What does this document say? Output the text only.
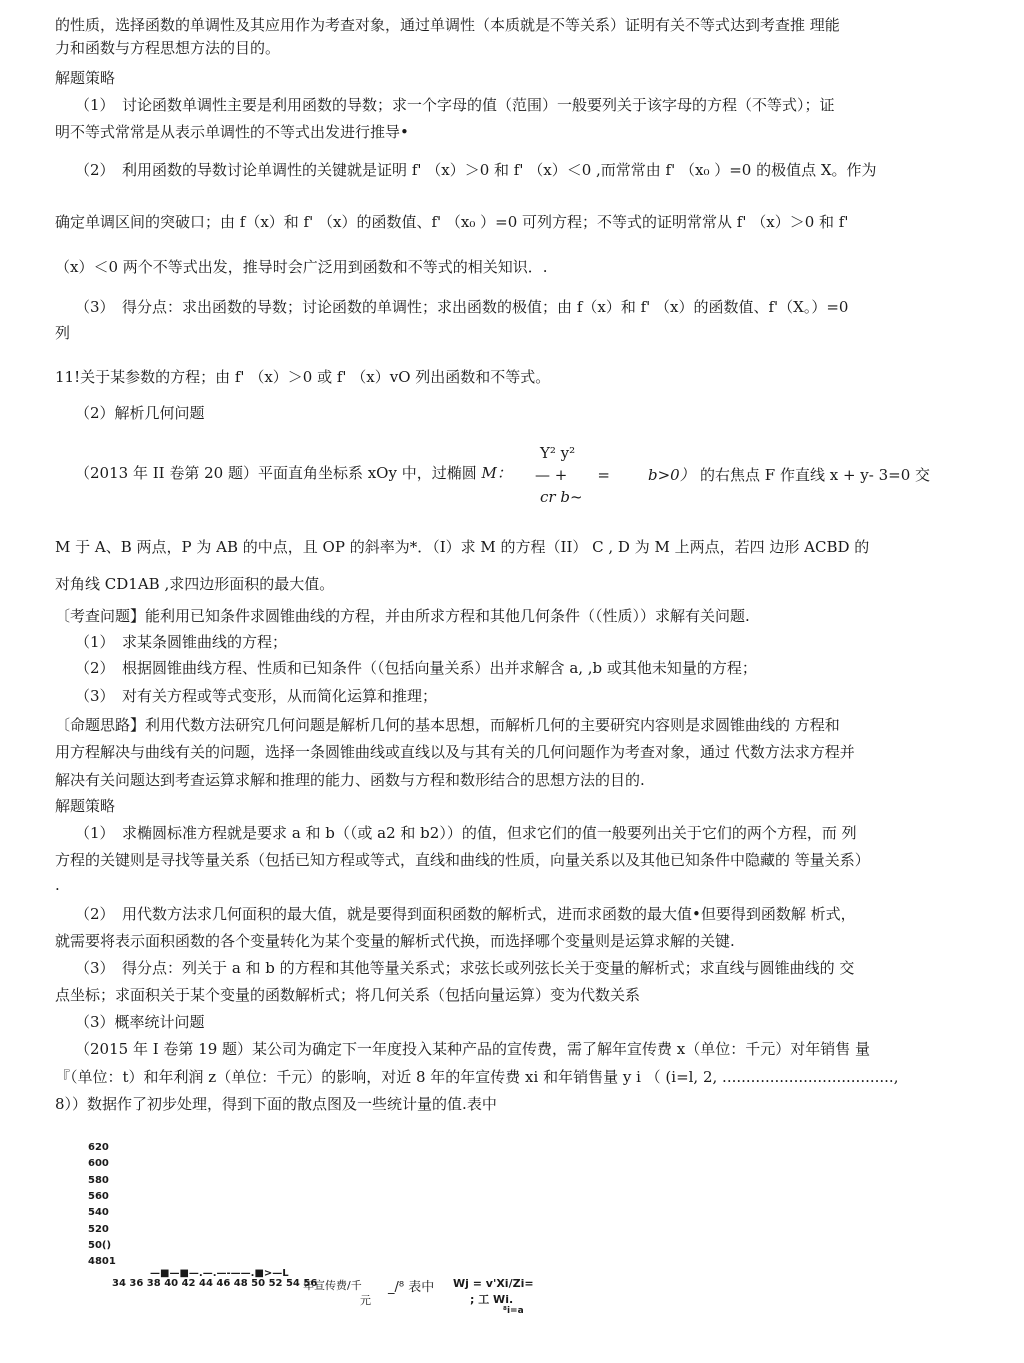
的性质，选择函数的单调性及其应用作为考查对象，通过单调性（本质就是不等关系）证明有关不等式达到考查推 理能
力和函数与方程思想方法的目的。
解题策略
（1）　讨论函数单调性主要是利用函数的导数；求一个字母的值（范围）一般要列关于该字母的方程（不等式）；证
明不等式常常是从表示单调性的不等式出发进行推导•
（2）　利用函数的导数讨论单调性的关键就是证明 f' （x）＞0 和 f' （x）＜0 ,而常常由 f' （x₀ ）=0 的极值点 X。作为
确定单调区间的突破口；由 f（x）和 f' （x）的函数值、f' （x₀ ）=0 可列方程；不等式的证明常常从 f' （x）＞0 和 f'
（x）＜0 两个不等式出发，推导时会广泛用到函数和不等式的相关知识．.
（3）　得分点：求出函数的导数；讨论函数的单调性；求出函数的极值；由 f（x）和 f' （x）的函数值、f'（X。）=0
列
11!关于某参数的方程；由 f' （x）＞0 或 f' （x）vO 列出函数和不等式。
（2）解析几何问题
（2013 年 II 卷第 20 题）平面直角坐标系 xOy 中，过椭圆 M：
Y² y²
— +　　=
cr b~
b>0） 的右焦点 F 作直线 x + y- 3=0 交
M 于 A、B 两点，P 为 AB 的中点，且 OP 的斜率为*．（I）求 M 的方程（II） C , D 为 M 上两点，若四 边形 ACBD 的
对角线 CD1AB ,求四边形面积的最大值。
〔考查问题】能利用已知条件求圆锥曲线的方程，并由所求方程和其他几何条件（（性质））求解有关问题.
（1）　求某条圆锥曲线的方程；
（2）　根据圆锥曲线方程、性质和已知条件（（包括向量关系）出并求解含 a, ,b 或其他未知量的方程；
（3）　对有关方程或等式变形，从而简化运算和推理；
〔命题思路】利用代数方法研究几何问题是解析几何的基本思想，而解析几何的主要研究内容则是求圆锥曲线的 方程和
用方程解决与曲线有关的问题，选择一条圆锥曲线或直线以及与其有关的几何问题作为考查对象，通过 代数方法求方程并
解决有关问题达到考查运算求解和推理的能力、函数与方程和数形结合的思想方法的目的.
解题策略
（1）　求椭圆标准方程就是要求 a 和 b（（或 a2 和 b2））的值，但求它们的值一般要列出关于它们的两个方程，而 列
方程的关键则是寻找等量关系（包括已知方程或等式，直线和曲线的性质，向量关系以及其他已知条件中隐藏的 等量关系）
.
（2）　用代数方法求几何面积的最大值，就是要得到面积函数的解析式，进而求函数的最大值•但要得到函数解 析式，
就需要将表示面积函数的各个变量转化为某个变量的解析式代换，而选择哪个变量则是运算求解的关键.
（3）　得分点：列关于 a 和 b 的方程和其他等量关系式；求弦长或列弦长关于变量的解析式；求直线与圆锥曲线的 交
点坐标；求面积关于某个变量的函数解析式；将几何关系（包括向量运算）变为代数关系
（3）概率统计问题
（2015 年 I 卷第 19 题）某公司为确定下一年度投入某种产品的宣传费，需了解年宣传费 x（单位：千元）对年销售 量
『（单位：t）和年利润 z（单位：千元）的影响，对近 8 年的年宣传费 xi 和年销售量 y i （ (i=l, 2, ....................................,
8））数据作了初步处理，得到下面的散点图及一些统计量的值.表中
620
600
580
560
540
520
50()
4801
—■—■—.—.—-——.■>—L
34 36 38 40 42 44 46 48 50 52 54 56
年宣传费/千
元
_/⁸ 表中 Wj = v'Xi/Zi=
; 工 Wi.
⁸i=a
